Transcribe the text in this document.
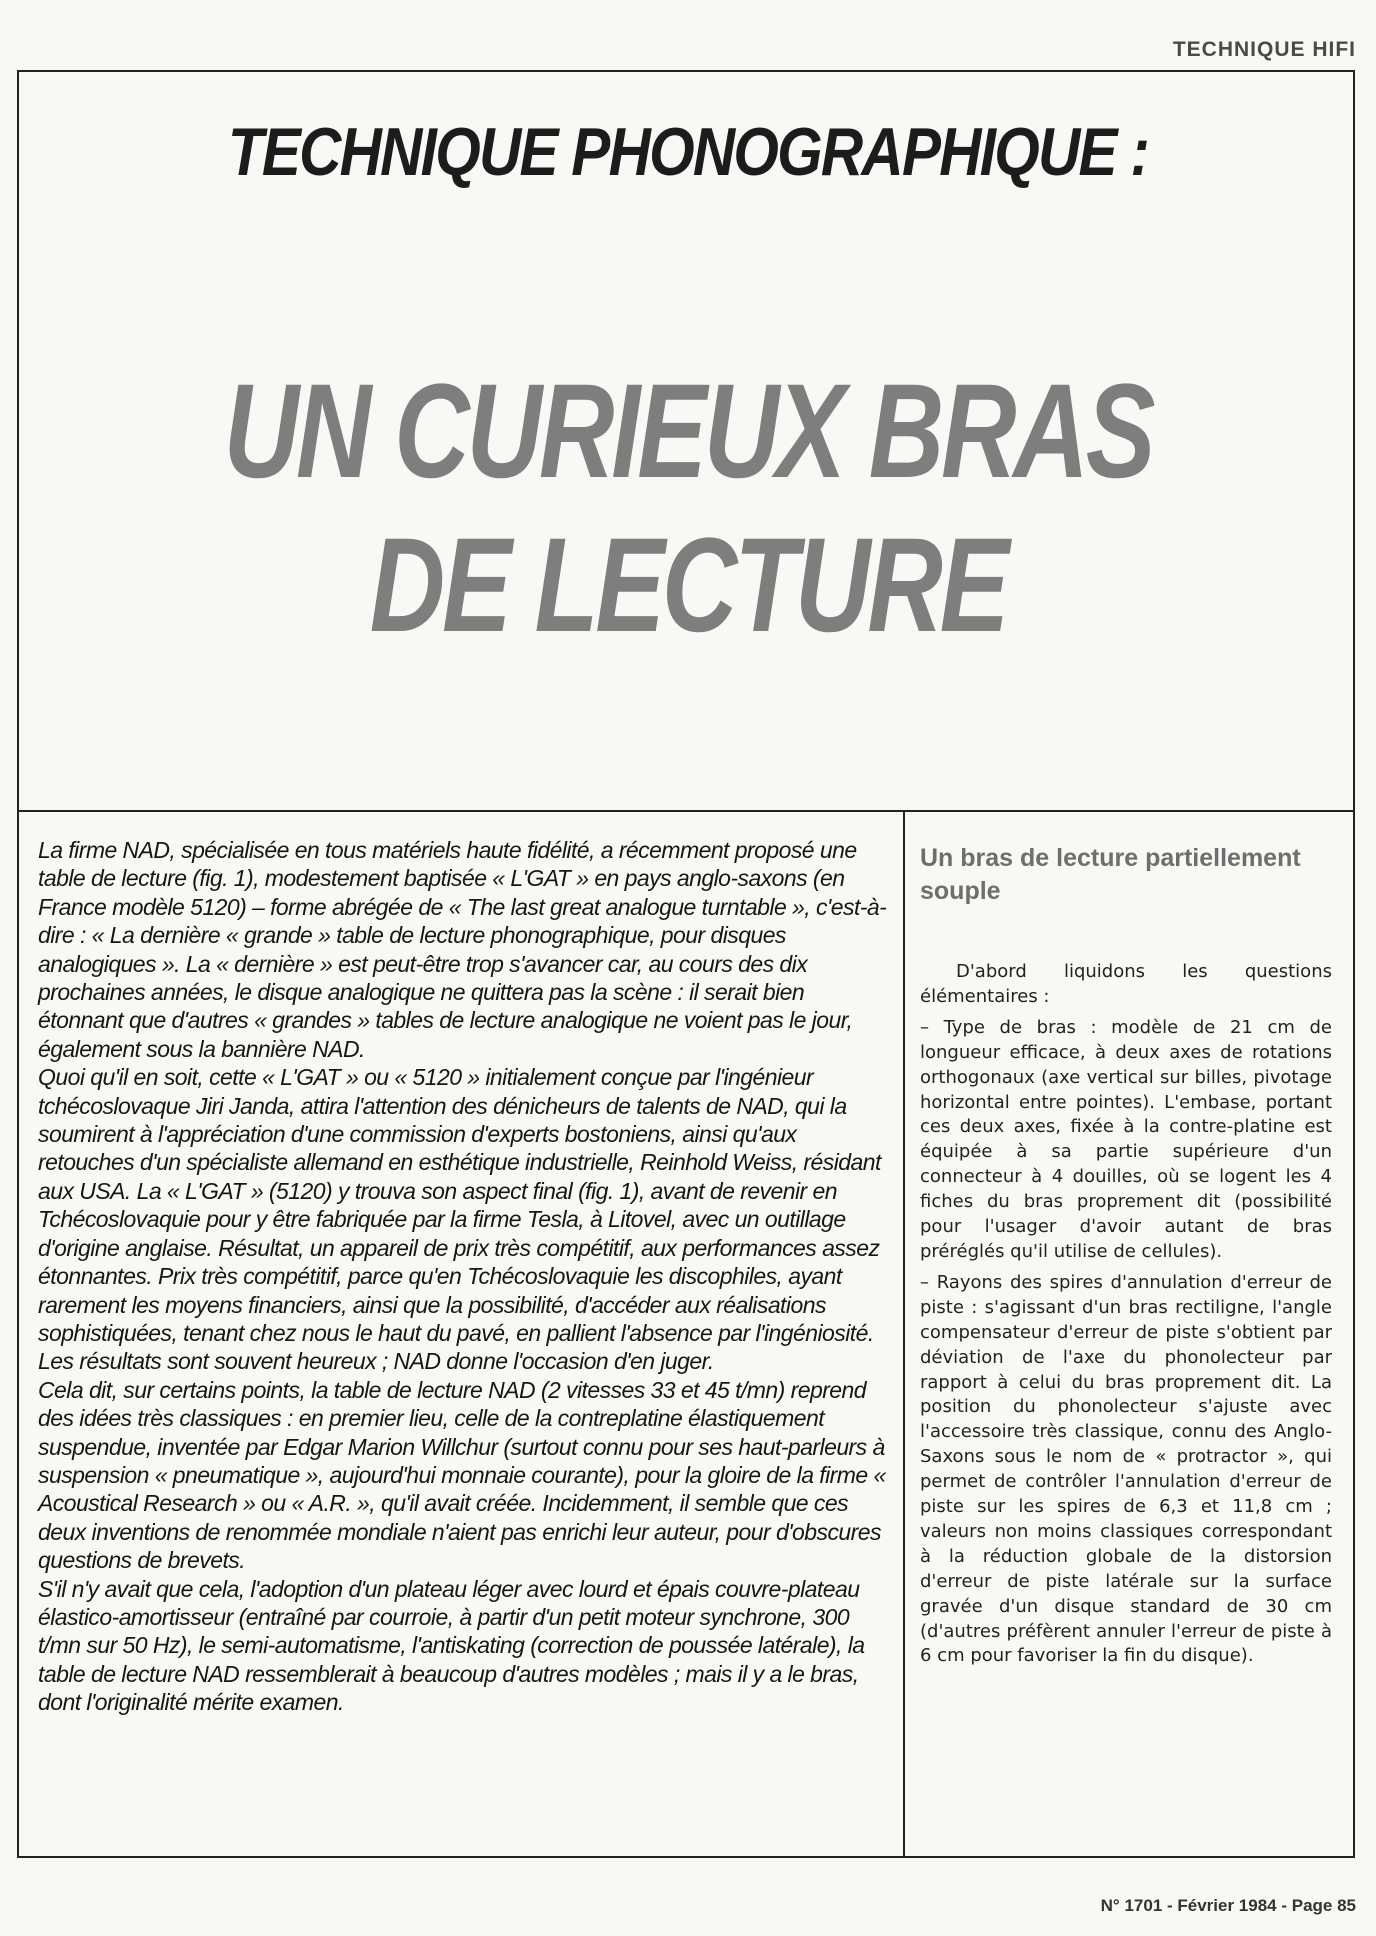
TECHNIQUE HIFI

TECHNIQUE PHONOGRAPHIQUE :
UN CURIEUX BRAS
DE LECTURE

La firme NAD, spécialisée en tous matériels haute fidélité, a récemment proposé une table de lecture (fig. 1), modestement baptisée « L'GAT » en pays anglo-saxons (en France modèle 5120) – forme abrégée de « The last great analogue turntable », c'est-à-dire : « La dernière « grande » table de lecture phonographique, pour disques analogiques ». La « dernière » est peut-être trop s'avancer car, au cours des dix prochaines années, le disque analogique ne quittera pas la scène : il serait bien étonnant que d'autres « grandes » tables de lecture analogique ne voient pas le jour, également sous la bannière NAD.

Quoi qu'il en soit, cette « L'GAT » ou « 5120 » initialement conçue par l'ingénieur tchécoslovaque Jiri Janda, attira l'attention des dénicheurs de talents de NAD, qui la soumirent à l'appréciation d'une commission d'experts bostoniens, ainsi qu'aux retouches d'un spécialiste allemand en esthétique industrielle, Reinhold Weiss, résidant aux USA. La « L'GAT » (5120) y trouva son aspect final (fig. 1), avant de revenir en Tchécoslovaquie pour y être fabriquée par la firme Tesla, à Litovel, avec un outillage d'origine anglaise. Résultat, un appareil de prix très compétitif, aux performances assez étonnantes. Prix très compétitif, parce qu'en Tchécoslovaquie les discophiles, ayant rarement les moyens financiers, ainsi que la possibilité, d'accéder aux réalisations sophistiquées, tenant chez nous le haut du pavé, en pallient l'absence par l'ingéniosité. Les résultats sont souvent heureux ; NAD donne l'occasion d'en juger.

Cela dit, sur certains points, la table de lecture NAD (2 vitesses 33 et 45 t/mn) reprend des idées très classiques : en premier lieu, celle de la contreplatine élastiquement suspendue, inventée par Edgar Marion Willchur (surtout connu pour ses haut-parleurs à suspension « pneumatique », aujourd'hui monnaie courante), pour la gloire de la firme « Acoustical Research » ou « A.R. », qu'il avait créée. Incidemment, il semble que ces deux inventions de renommée mondiale n'aient pas enrichi leur auteur, pour d'obscures questions de brevets.

S'il n'y avait que cela, l'adoption d'un plateau léger avec lourd et épais couvre-plateau élastico-amortisseur (entraîné par courroie, à partir d'un petit moteur synchrone, 300 t/mn sur 50 Hz), le semi-automatisme, l'antiskating (correction de poussée latérale), la table de lecture NAD ressemblerait à beaucoup d'autres modèles ; mais il y a le bras, dont l'originalité mérite examen.

Un bras de lecture partiellement souple

D'abord liquidons les questions élémentaires :

– Type de bras : modèle de 21 cm de longueur efficace, à deux axes de rotations orthogonaux (axe vertical sur billes, pivotage horizontal entre pointes). L'embase, portant ces deux axes, fixée à la contre-platine est équipée à sa partie supérieure d'un connecteur à 4 douilles, où se logent les 4 fiches du bras proprement dit (possibilité pour l'usager d'avoir autant de bras préréglés qu'il utilise de cellules).

– Rayons des spires d'annulation d'erreur de piste : s'agissant d'un bras rectiligne, l'angle compensateur d'erreur de piste s'obtient par déviation de l'axe du phonolecteur par rapport à celui du bras proprement dit. La position du phonolecteur s'ajuste avec l'accessoire très classique, connu des Anglo-Saxons sous le nom de « protractor », qui permet de contrôler l'annulation d'erreur de piste sur les spires de 6,3 et 11,8 cm ; valeurs non moins classiques correspondant à la réduction globale de la distorsion d'erreur de piste latérale sur la surface gravée d'un disque standard de 30 cm (d'autres préfèrent annuler l'erreur de piste à 6 cm pour favoriser la fin du disque).

N° 1701 - Février 1984 - Page 85
